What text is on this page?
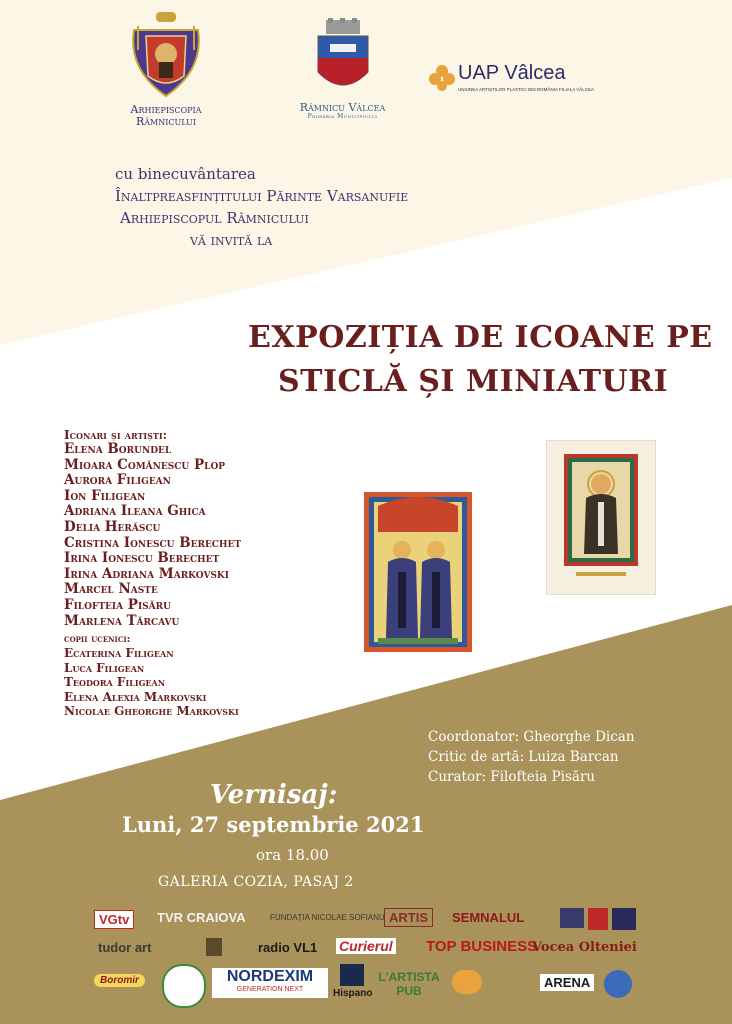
Arhiepiscopia
Râmnicului
Râmnicu Vâlcea
Primăria Municipiului
UAP Vâlcea
UNIUNEA ARTIȘTILOR PLASTICI DIN ROMÂNIA FILIALA VÂLCEA
cu binecuvântarea
Înaltpreasfințitului Părinte Varsanufie
Arhiepiscopul Râmnicului
vă invită la
EXPOZIȚIA DE ICOANE PE
STICLĂ ȘI MINIATURI
Iconari și artiști:
Elena Borundel
Mioara Comănescu Plop
Aurora Filigean
Ion Filigean
Adriana Ileana Ghica
Delia Herăscu
Cristina Ionescu Berechet
Irina Ionescu Berechet
Irina Adriana Markovski
Marcel Naste
Filofteia Pisăru
Marlena Tărcavu
copii ucenici:
Ecaterina Filigean
Luca Filigean
Teodora Filigean
Elena Alexia Markovski
Nicolae Gheorghe Markovski
Coordonator: Gheorghe Dican
Critic de artă: Luiza Barcan
Curator: Filofteia Pisăru
Vernisaj:
Luni, 27 septembrie 2021
ora 18.00
GALERIA COZIA, PASAJ 2
VGtv	TVR CRAIOVA	FUNDAȚIA NICOLAE SOFIANU ARTIS	SEMNALUL
tudor art	radio VL1 Curierul TOP BUSINESS
Vocea Olteniei
Boromir	NORDEXIM
GENERATION NEXT	Hispano
L'ARTISTA PUB
ARENA
